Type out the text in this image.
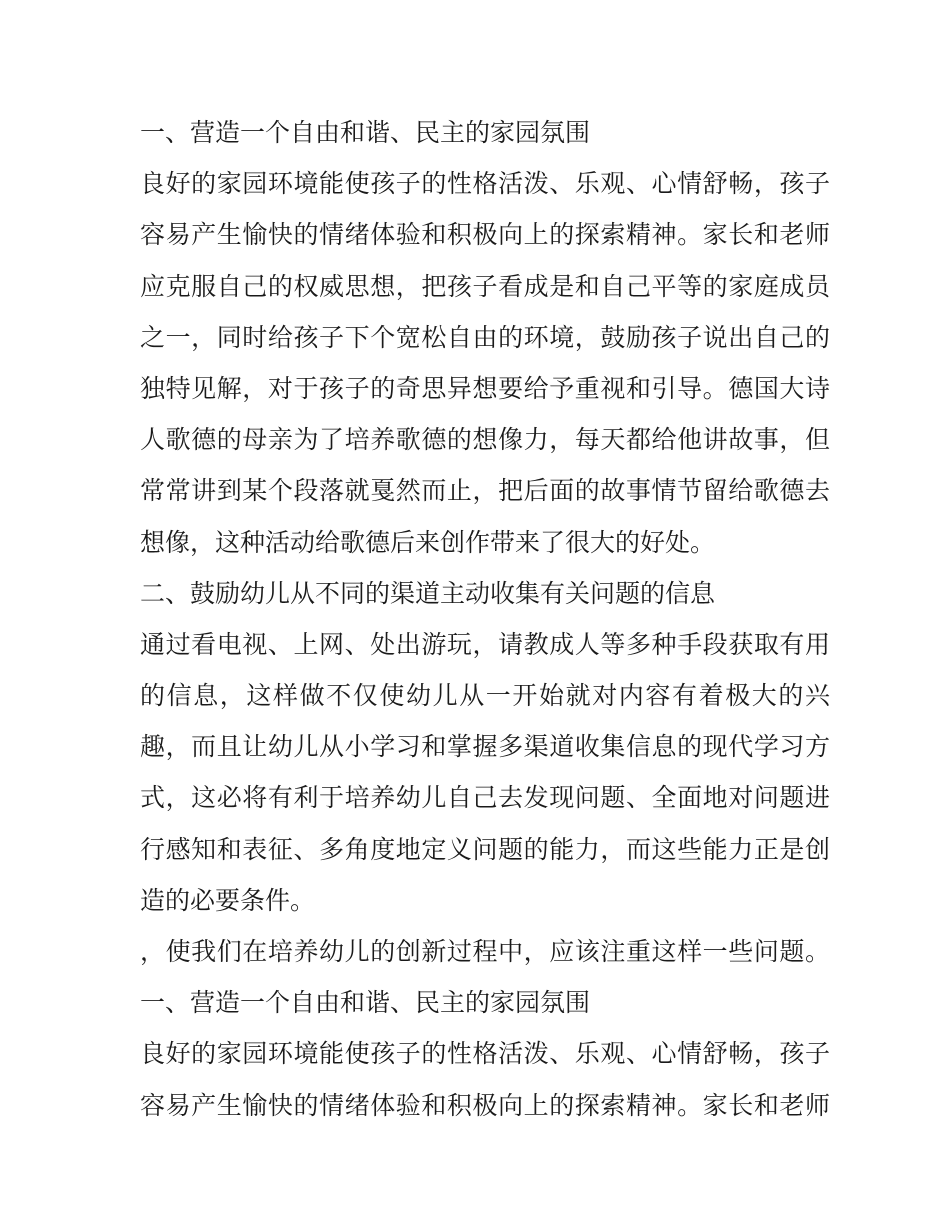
一、营造一个自由和谐、民主的家园氛围
良好的家园环境能使孩子的性格活泼、乐观、心情舒畅，孩子
容易产生愉快的情绪体验和积极向上的探索精神。家长和老师
应克服自己的权威思想，把孩子看成是和自己平等的家庭成员
之一，同时给孩子下个宽松自由的环境，鼓励孩子说出自己的
独特见解，对于孩子的奇思异想要给予重视和引导。德国大诗
人歌德的母亲为了培养歌德的想像力，每天都给他讲故事，但
常常讲到某个段落就戛然而止，把后面的故事情节留给歌德去
想像，这种活动给歌德后来创作带来了很大的好处。
二、鼓励幼儿从不同的渠道主动收集有关问题的信息
通过看电视、上网、处出游玩，请教成人等多种手段获取有用
的信息，这样做不仅使幼儿从一开始就对内容有着极大的兴
趣，而且让幼儿从小学习和掌握多渠道收集信息的现代学习方
式，这必将有利于培养幼儿自己去发现问题、全面地对问题进
行感知和表征、多角度地定义问题的能力，而这些能力正是创
造的必要条件。
，使我们在培养幼儿的创新过程中，应该注重这样一些问题。
一、营造一个自由和谐、民主的家园氛围
良好的家园环境能使孩子的性格活泼、乐观、心情舒畅，孩子
容易产生愉快的情绪体验和积极向上的探索精神。家长和老师
